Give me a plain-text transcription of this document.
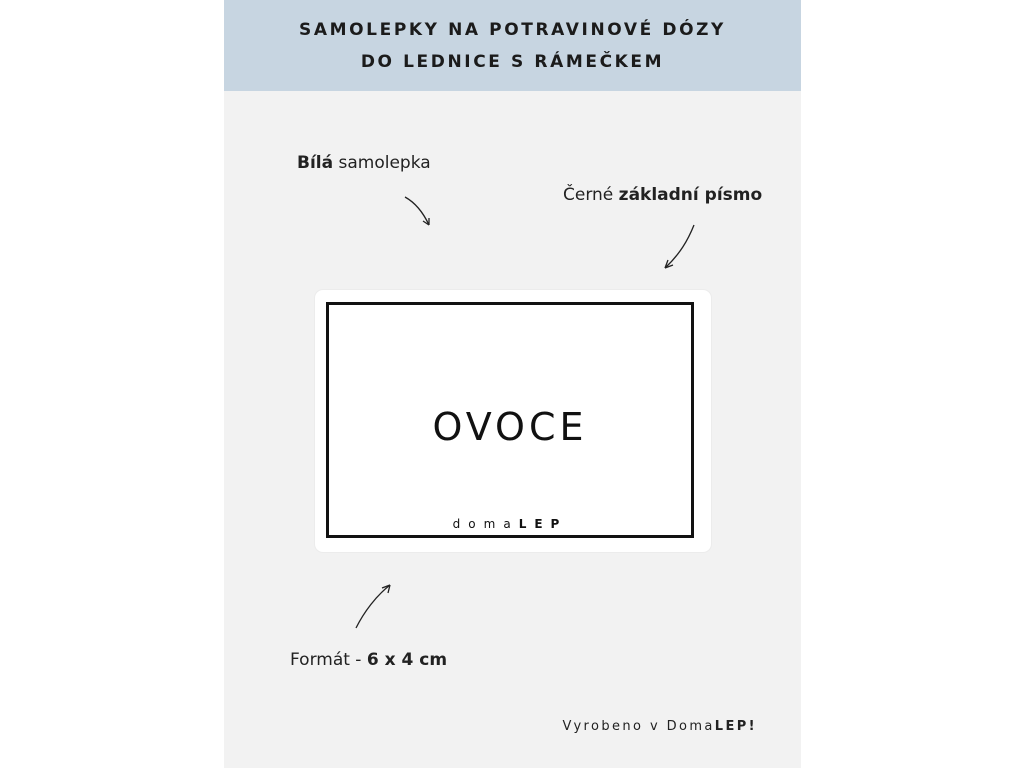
SAMOLEPKY NA POTRAVINOVÉ DÓZY
DO LEDNICE S RÁMEČKEM
Bílá samolepka
Černé základní písmo
OVOCE
domaLEP
Formát - 6 x 4 cm
Vyrobeno v DomaLEP!
